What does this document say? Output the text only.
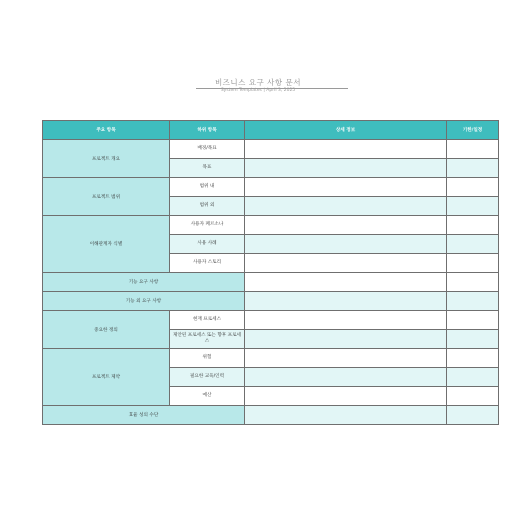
비즈니스 요구 사항 문서
System Templates | April 3, 2025
주요 항목	하위 항목	상세 정보	기한/일정
프로젝트 개요	배경/목표		
	목표		
프로젝트 범위	범위 내		
	범위 외		
이해관계자 식별	사용자 페르소나		
	사용 사례		
	사용자 스토리		
기능 요구 사항			
기능 외 요구 사항			
중요한 정의	현재 프로세스		
	제안된 프로세스 또는 향후 프로세스		
프로젝트 제약	위험		
	필요한 교육/인력		
	예산		
효율 성의 수단			
